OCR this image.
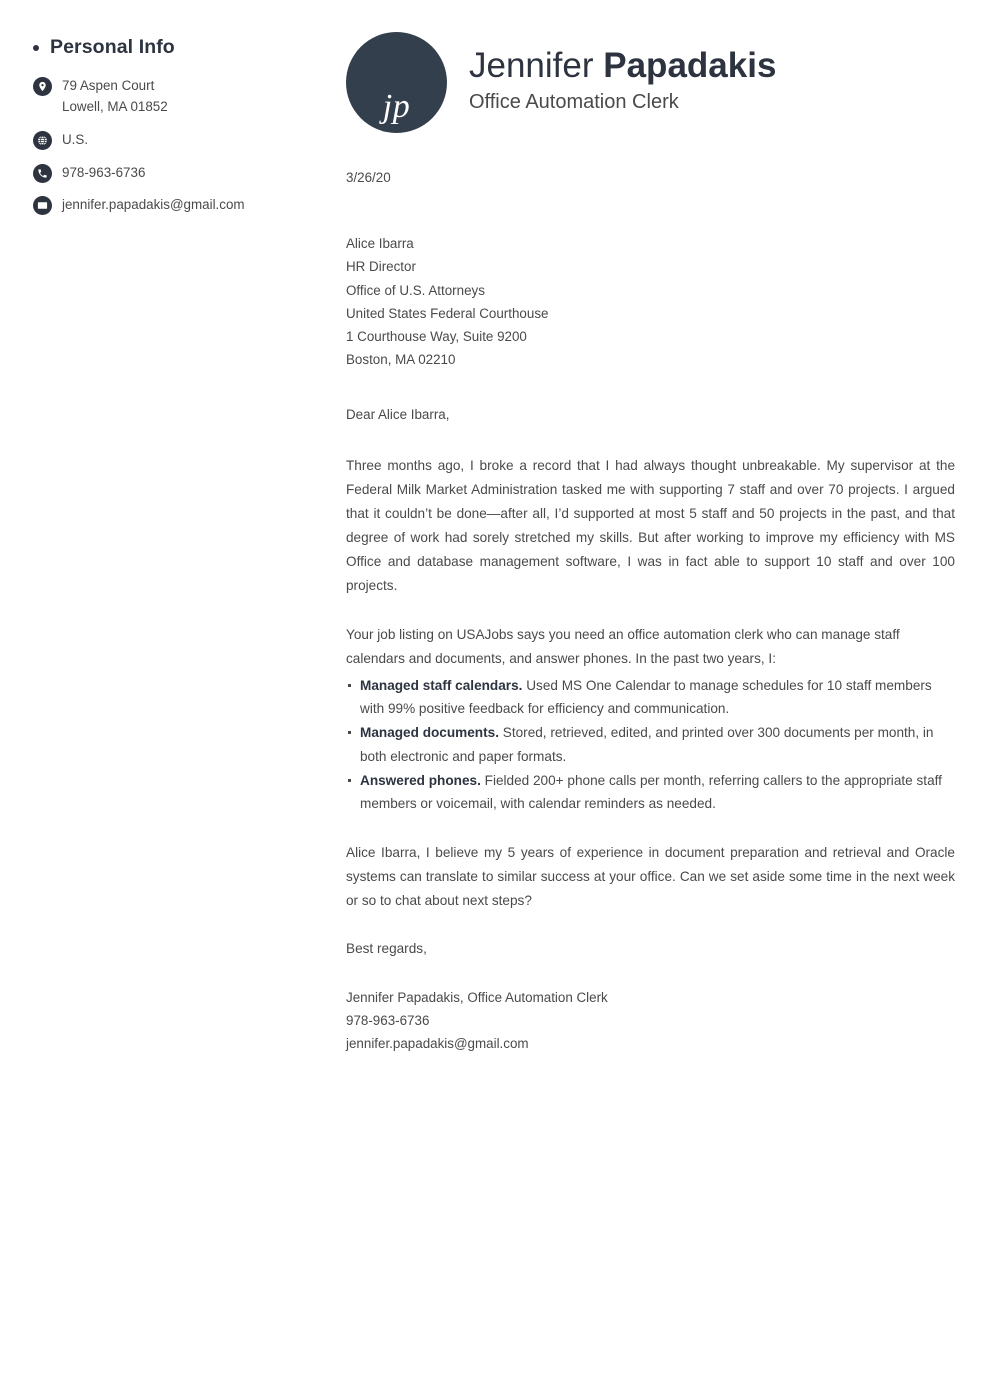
Personal Info
79 Aspen Court
Lowell, MA 01852
U.S.
978-963-6736
jennifer.papadakis@gmail.com
jp
Jennifer Papadakis
Office Automation Clerk
3/26/20
Alice Ibarra
HR Director
Office of U.S. Attorneys
United States Federal Courthouse
1 Courthouse Way, Suite 9200
Boston, MA 02210
Dear Alice Ibarra,

Three months ago, I broke a record that I had always thought unbreakable. My supervisor at the Federal Milk Market Administration tasked me with supporting 7 staff and over 70 projects. I argued that it couldn’t be done—after all, I’d supported at most 5 staff and 50 projects in the past, and that degree of work had sorely stretched my skills. But after working to improve my efficiency with MS Office and database management software, I was in fact able to support 10 staff and over 100 projects.

Your job listing on USAJobs says you need an office automation clerk who can manage staff calendars and documents, and answer phones. In the past two years, I:

Managed staff calendars. Used MS One Calendar to manage schedules for 10 staff members with 99% positive feedback for efficiency and communication.
Managed documents. Stored, retrieved, edited, and printed over 300 documents per month, in both electronic and paper formats.
Answered phones. Fielded 200+ phone calls per month, referring callers to the appropriate staff members or voicemail, with calendar reminders as needed.

Alice Ibarra, I believe my 5 years of experience in document preparation and retrieval and Oracle systems can translate to similar success at your office. Can we set aside some time in the next week or so to chat about next steps?

Best regards,
Jennifer Papadakis, Office Automation Clerk
978-963-6736
jennifer.papadakis@gmail.com
